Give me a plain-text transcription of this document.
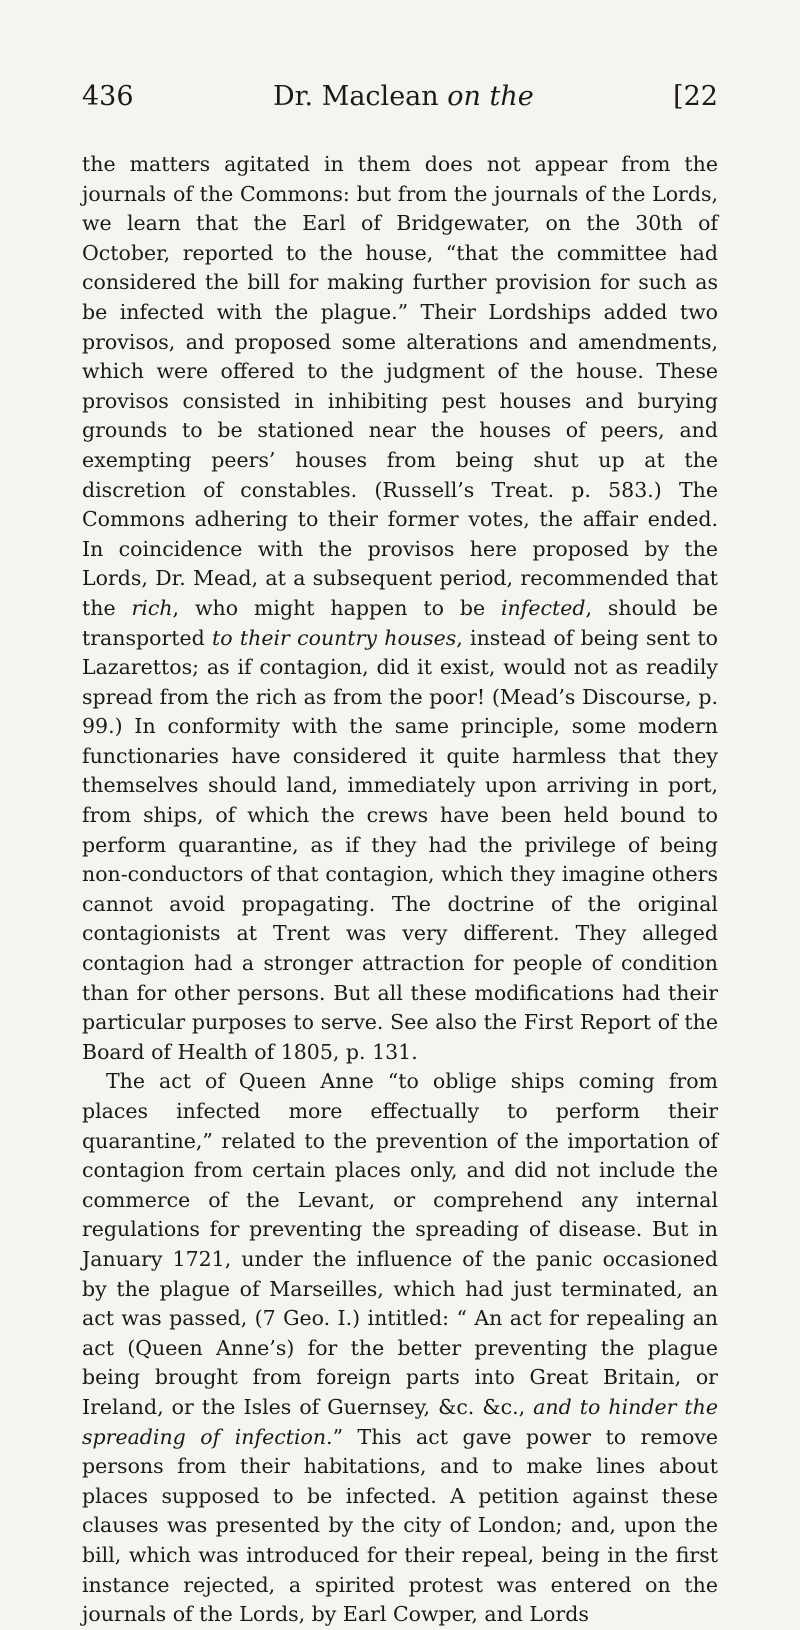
436	Dr. Maclean on the	[22

the matters agitated in them does not appear from the journals of the Commons: but from the journals of the Lords, we learn that the Earl of Bridgewater, on the 30th of October, reported to the house, “that the committee had considered the bill for making further provision for such as be infected with the plague.” Their Lordships added two provisos, and proposed some alterations and amendments, which were offered to the judgment of the house. These provisos consisted in inhibiting pest houses and burying grounds to be stationed near the houses of peers, and exempting peers’ houses from being shut up at the discretion of constables. (Russell’s Treat. p. 583.) The Commons adhering to their former votes, the affair ended. In coincidence with the provisos here proposed by the Lords, Dr. Mead, at a subsequent period, recommended that the rich, who might happen to be infected, should be transported to their country houses, instead of being sent to Lazarettos; as if contagion, did it exist, would not as readily spread from the rich as from the poor! (Mead’s Discourse, p. 99.) In conformity with the same principle, some modern functionaries have considered it quite harmless that they themselves should land, immediately upon arriving in port, from ships, of which the crews have been held bound to perform quarantine, as if they had the privilege of being non-conductors of that contagion, which they imagine others cannot avoid propagating. The doctrine of the original contagionists at Trent was very different. They alleged contagion had a stronger attraction for people of condition than for other persons. But all these modifications had their particular purposes to serve. See also the First Report of the Board of Health of 1805, p. 131.

The act of Queen Anne “to oblige ships coming from places infected more effectually to perform their quarantine,” related to the prevention of the importation of contagion from certain places only, and did not include the commerce of the Levant, or comprehend any internal regulations for preventing the spreading of disease. But in January 1721, under the influence of the panic occasioned by the plague of Marseilles, which had just terminated, an act was passed, (7 Geo. I.) intitled: “ An act for repealing an act (Queen Anne’s) for the better preventing the plague being brought from foreign parts into Great Britain, or Ireland, or the Isles of Guernsey, &c. &c., and to hinder the spreading of infection.” This act gave power to remove persons from their habitations, and to make lines about places supposed to be infected. A petition against these clauses was presented by the city of London; and, upon the bill, which was introduced for their repeal, being in the first instance rejected, a spirited protest was entered on the journals of the Lords, by Earl Cowper, and Lords
